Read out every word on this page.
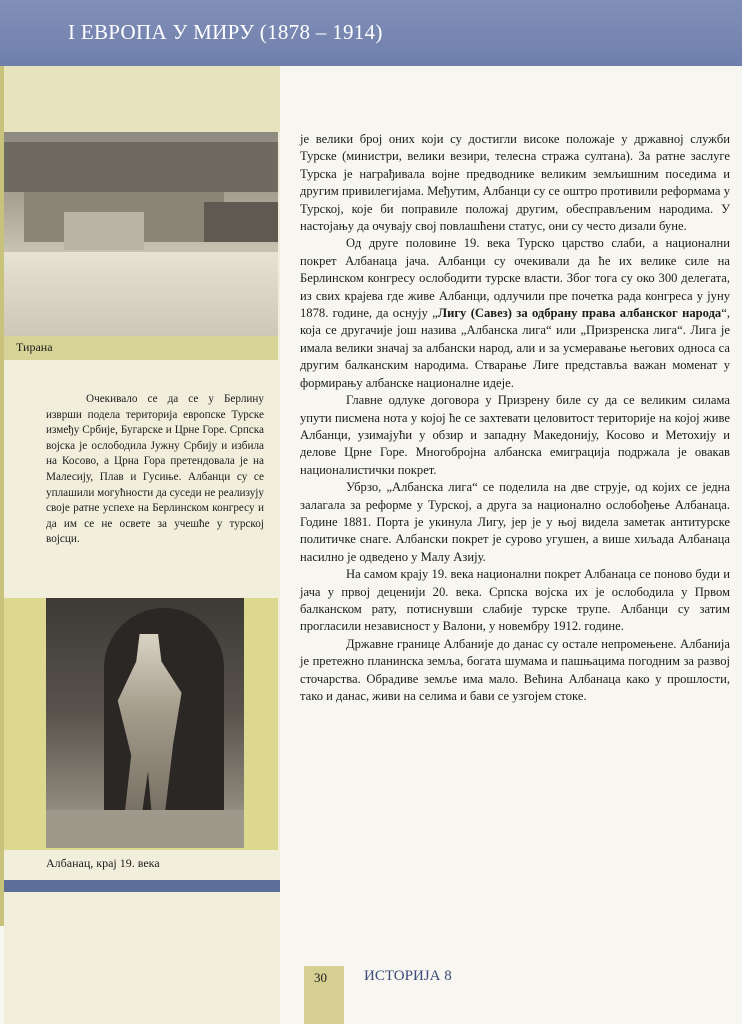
I ЕВРОПА У МИРУ (1878 – 1914)
Тирана

Очекивало се да се у Берлину изврши подела територија европске Турске између Србије, Бугарске и Црне Горе. Српска војска је ослободила Јужну Србију и избила на Косово, а Црна Гора претендовала је на Малесију, Плав и Гусиње. Албанци су се уплашили могућности да суседи не реализују своје ратне успехе на Берлинском конгресу и да им се не осветe за учешће у турској војсци.

Албанац, крај 19. века

је велики број оних који су достигли високе положаје у државној служби Турске (министри, велики везири, телесна стража султана). За ратне заслуге Турска је награђивала војне предводнике великим земљишним поседима и другим привилегијама. Међутим, Албанци су се оштро противили реформама у Турској, које би поправиле положај другим, обесправљеним народима. У настојању да очувају свој повлашћени статус, они су често дизали буне.

Од друге половине 19. века Турско царство слаби, а национални покрет Албанаца јача. Албанци су очекивали да ће их велике силе на Берлинском конгресу ослободити турске власти. Због тога су око 300 делегата, из свих крајева где живе Албанци, одлучили пре почетка рада конгреса у јуну 1878. године, да оснују „Лигу (Савез) за одбрану права албанског народа“, која се другачије још назива „Албанска лига“ или „Призренска лига“. Лига је имала велики значај за албански народ, али и за усмеравање његових односа са другим балканским народима. Стварање Лиге представља важан моменат у формирању албанске националне идеје.

Главне одлуке договора у Призрену биле су да се великим силама упути писмена нота у којој ће се захтевати целовитост територије на којој живе Албанци, узимајући у обзир и западну Македонију, Косово и Метохију и делове Црне Горе. Многобројна албанска емиграција подржала је овакав националистички покрет.

Убрзо, „Албанска лига“ се поделила на две струје, од којих се једна залагала за реформе у Турској, а друга за национално ослобођење Албанаца. Године 1881. Порта је укинула Лигу, јер је у њој видела заметак антитурске политичке снаге. Албански покрет је сурово угушен, а више хиљада Албанаца насилно је одведено у Малу Азију.

На самом крају 19. века национални покрет Албанаца се поново буди и јача у првој деценији 20. века. Српска војска их је ослободила у Првом балканском рату, потиснувши слабије турске трупе. Албанци су затим прогласили независност у Валони, у новембру 1912. године.

Државне границе Албаније до данас су остале непромењене. Албанија је претежно планинска земља, богата шумама и пашњацима погодним за развој сточарства. Обрадиве земље има мало. Већина Албанаца како у прошлости, тако и данас, живи на селима и бави се узгојем стоке.

30 ИСТОРИЈА 8
